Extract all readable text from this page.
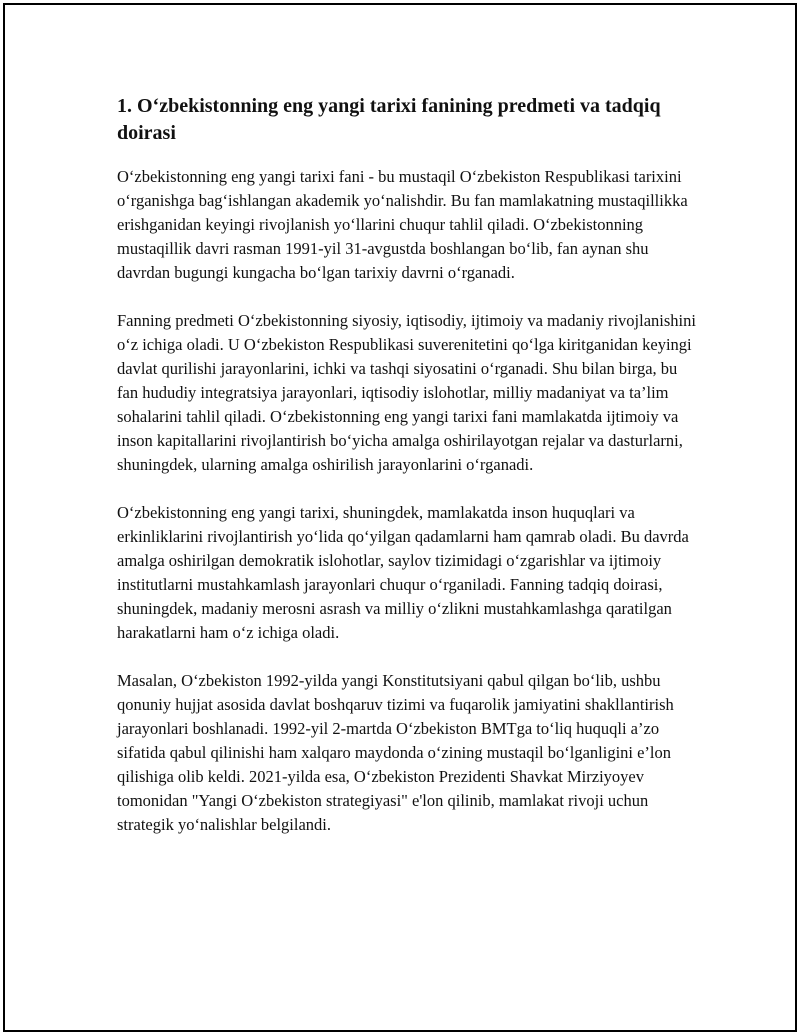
1. O‘zbekistonning eng yangi tarixi fanining predmeti va tadqiq doirasi

O‘zbekistonning eng yangi tarixi fani - bu mustaqil O‘zbekiston Respublikasi tarixini o‘rganishga bag‘ishlangan akademik yo‘nalishdir. Bu fan mamlakatning mustaqillikka erishganidan keyingi rivojlanish yo‘llarini chuqur tahlil qiladi. O‘zbekistonning mustaqillik davri rasman 1991-yil 31-avgustda boshlangan bo‘lib, fan aynan shu davrdan bugungi kungacha bo‘lgan tarixiy davrni o‘rganadi.

Fanning predmeti O‘zbekistonning siyosiy, iqtisodiy, ijtimoiy va madaniy rivojlanishini o‘z ichiga oladi. U O‘zbekiston Respublikasi suverenitetini qo‘lga kiritganidan keyingi davlat qurilishi jarayonlarini, ichki va tashqi siyosatini o‘rganadi. Shu bilan birga, bu fan hududiy integratsiya jarayonlari, iqtisodiy islohotlar, milliy madaniyat va ta’lim sohalarini tahlil qiladi. O‘zbekistonning eng yangi tarixi fani mamlakatda ijtimoiy va inson kapitallarini rivojlantirish bo‘yicha amalga oshirilayotgan rejalar va dasturlarni, shuningdek, ularning amalga oshirilish jarayonlarini o‘rganadi.

O‘zbekistonning eng yangi tarixi, shuningdek, mamlakatda inson huquqlari va erkinliklarini rivojlantirish yo‘lida qo‘yilgan qadamlarni ham qamrab oladi. Bu davrda amalga oshirilgan demokratik islohotlar, saylov tizimidagi o‘zgarishlar va ijtimoiy institutlarni mustahkamlash jarayonlari chuqur o‘rganiladi. Fanning tadqiq doirasi, shuningdek, madaniy merosni asrash va milliy o‘zlikni mustahkamlashga qaratilgan harakatlarni ham o‘z ichiga oladi.

Masalan, O‘zbekiston 1992-yilda yangi Konstitutsiyani qabul qilgan bo‘lib, ushbu qonuniy hujjat asosida davlat boshqaruv tizimi va fuqarolik jamiyatini shakllantirish jarayonlari boshlanadi. 1992-yil 2-martda O‘zbekiston BMTga to‘liq huquqli a’zo sifatida qabul qilinishi ham xalqaro maydonda o‘zining mustaqil bo‘lganligini e’lon qilishiga olib keldi. 2021-yilda esa, O‘zbekiston Prezidenti Shavkat Mirziyoyev tomonidan "Yangi O‘zbekiston strategiyasi" e'lon qilinib, mamlakat rivoji uchun strategik yo‘nalishlar belgilandi.
